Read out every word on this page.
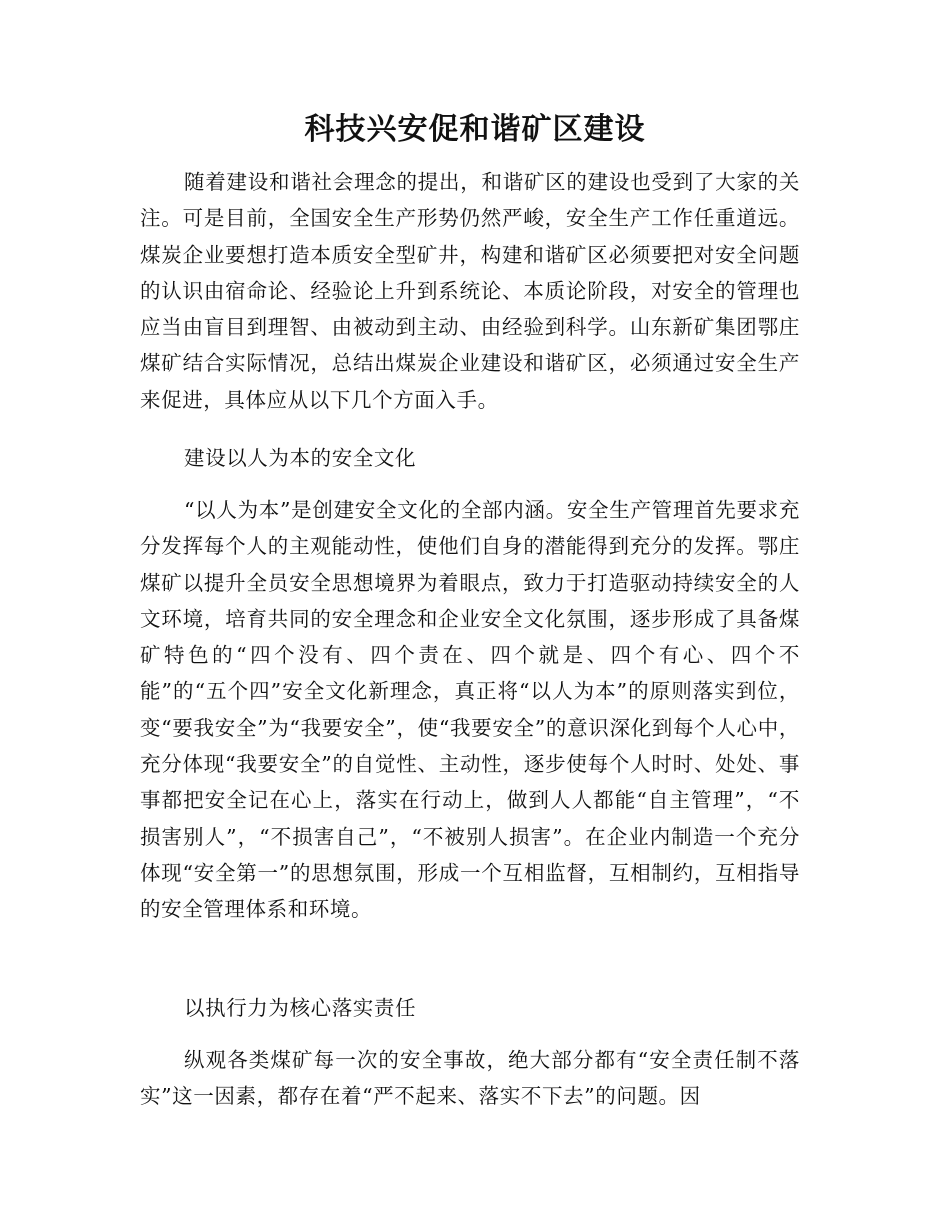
科技兴安促和谐矿区建设

随着建设和谐社会理念的提出，和谐矿区的建设也受到了大家的关注。可是目前，全国安全生产形势仍然严峻，安全生产工作任重道远。煤炭企业要想打造本质安全型矿井，构建和谐矿区必须要把对安全问题的认识由宿命论、经验论上升到系统论、本质论阶段，对安全的管理也应当由盲目到理智、由被动到主动、由经验到科学。山东新矿集团鄂庄煤矿结合实际情况，总结出煤炭企业建设和谐矿区，必须通过安全生产来促进，具体应从以下几个方面入手。

建设以人为本的安全文化

“以人为本”是创建安全文化的全部内涵。安全生产管理首先要求充分发挥每个人的主观能动性，使他们自身的潜能得到充分的发挥。鄂庄煤矿以提升全员安全思想境界为着眼点，致力于打造驱动持续安全的人文环境，培育共同的安全理念和企业安全文化氛围，逐步形成了具备煤矿特色的“四个没有、四个责在、四个就是、四个有心、四个不能”的“五个四”安全文化新理念，真正将“以人为本”的原则落实到位，变“要我安全”为“我要安全”，使“我要安全”的意识深化到每个人心中，充分体现“我要安全”的自觉性、主动性，逐步使每个人时时、处处、事事都把安全记在心上，落实在行动上，做到人人都能“自主管理”，“不损害别人”，“不损害自己”，“不被别人损害”。在企业内制造一个充分体现“安全第一”的思想氛围，形成一个互相监督，互相制约，互相指导的安全管理体系和环境。

以执行力为核心落实责任

纵观各类煤矿每一次的安全事故，绝大部分都有“安全责任制不落实”这一因素，都存在着“严不起来、落实不下去”的问题。因
